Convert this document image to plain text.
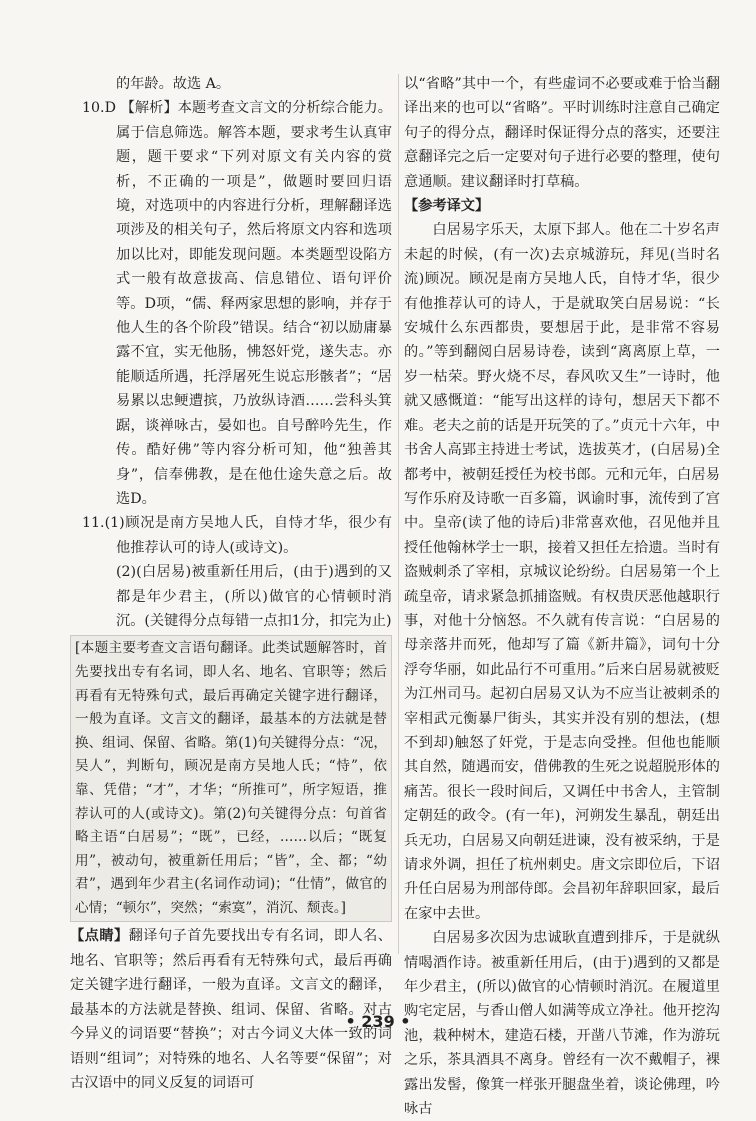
的年龄。故选 A。

10.D 【解析】本题考查文言文的分析综合能力。属于信息筛选。解答本题，要求考生认真审题，题干要求“下列对原文有关内容的赏析，不正确的一项是”，做题时要回归语境，对选项中的内容进行分析，理解翻译选项涉及的相关句子，然后将原文内容和选项加以比对，即能发现问题。本类题型设陷方式一般有故意拔高、信息错位、语句评价等。D项，“儒、释两家思想的影响，并存于他人生的各个阶段”错误。结合“初以励庸暴露不宜，实无他肠，怫怒奸党，遂失志。亦能顺适所遇，托浮屠死生说忘形骸者”；“居易累以忠鲠遭摈，乃放纵诗酒……尝科头箕踞，谈禅咏古，晏如也。自号醉吟先生，作传。酷好佛”等内容分析可知，他“独善其身”，信奉佛教，是在他仕途失意之后。故选D。

11.(1)顾况是南方吴地人氏，自恃才华，很少有他推荐认可的诗人(或诗文)。

(2)(白居易)被重新任用后，(由于)遇到的又都是年少君主，(所以)做官的心情顿时消沉。(关键得分点每错一点扣1分，扣完为止)

[本题主要考查文言语句翻译。此类试题解答时，首先要找出专有名词，即人名、地名、官职等；然后再看有无特殊句式，最后再确定关键字进行翻译，一般为直译。文言文的翻译，最基本的方法就是替换、组词、保留、省略。第(1)句关键得分点：“况，吴人”，判断句，顾况是南方吴地人氏；“恃”，依靠、凭借；“才”，才华；“所推可”，所字短语，推荐认可的人(或诗文)。第(2)句关键得分点：句首省略主语“白居易”；“既”，已经，……以后；“既复用”，被动句，被重新任用后；“皆”，全、都；“幼君”，遇到年少君主(名词作动词)；“仕情”，做官的心情；“顿尔”，突然；“索寞”，消沉、颓丧。]

【点睛】翻译句子首先要找出专有名词，即人名、地名、官职等；然后再看有无特殊句式，最后再确定关键字进行翻译，一般为直译。文言文的翻译，最基本的方法就是替换、组词、保留、省略。对古今异义的词语要“替换”；对古今词义大体一致的词语则“组词”；对特殊的地名、人名等要“保留”；对古汉语中的同义反复的词语可

以“省略”其中一个，有些虚词不必要或难于恰当翻译出来的也可以“省略”。平时训练时注意自己确定句子的得分点，翻译时保证得分点的落实，还要注意翻译完之后一定要对句子进行必要的整理，使句意通顺。建议翻译时打草稿。

【参考译文】

白居易字乐天，太原下邽人。他在二十岁名声未起的时候，(有一次)去京城游玩，拜见(当时名流)顾况。顾况是南方吴地人氏，自恃才华，很少有他推荐认可的诗人，于是就取笑白居易说：“长安城什么东西都贵，要想居于此，是非常不容易的。”等到翻阅白居易诗卷，读到“离离原上草，一岁一枯荣。野火烧不尽，春风吹又生”一诗时，他就又感慨道：“能写出这样的诗句，想居天下都不难。老夫之前的话是开玩笑的了。”贞元十六年，中书舍人高郢主持进士考试，选拔英才，(白居易)全都考中，被朝廷授任为校书郎。元和元年，白居易写作乐府及诗歌一百多篇，讽谕时事，流传到了宫中。皇帝(读了他的诗后)非常喜欢他，召见他并且授任他翰林学士一职，接着又担任左拾遗。当时有盗贼刺杀了宰相，京城议论纷纷。白居易第一个上疏皇帝，请求紧急抓捕盗贼。有权贵厌恶他越职行事，对他十分恼怒。不久就有传言说：“白居易的母亲落井而死，他却写了篇《新井篇》，词句十分浮夸华丽，如此品行不可重用。”后来白居易就被贬为江州司马。起初白居易又认为不应当让被刺杀的宰相武元衡暴尸街头，其实并没有别的想法，(想不到却)触怒了奸党，于是志向受挫。但他也能顺其自然，随遇而安，借佛教的生死之说超脱形体的痛苦。很长一段时间后，又调任中书舍人，主管制定朝廷的政令。(有一年)，河朔发生暴乱，朝廷出兵无功，白居易又向朝廷进谏，没有被采纳，于是请求外调，担任了杭州刺史。唐文宗即位后，下诏升任白居易为刑部侍郎。会昌初年辞职回家，最后在家中去世。

白居易多次因为忠诚耿直遭到排斥，于是就纵情喝酒作诗。被重新任用后，(由于)遇到的又都是年少君主，(所以)做官的心情顿时消沉。在履道里购宅定居，与香山僧人如满等成立净社。他开挖沟池，栽种树木，建造石楼，开凿八节滩，作为游玩之乐，茶具酒具不离身。曾经有一次不戴帽子，裸露出发髻，像箕一样张开腿盘坐着，谈论佛理，吟咏古

• 239 •
